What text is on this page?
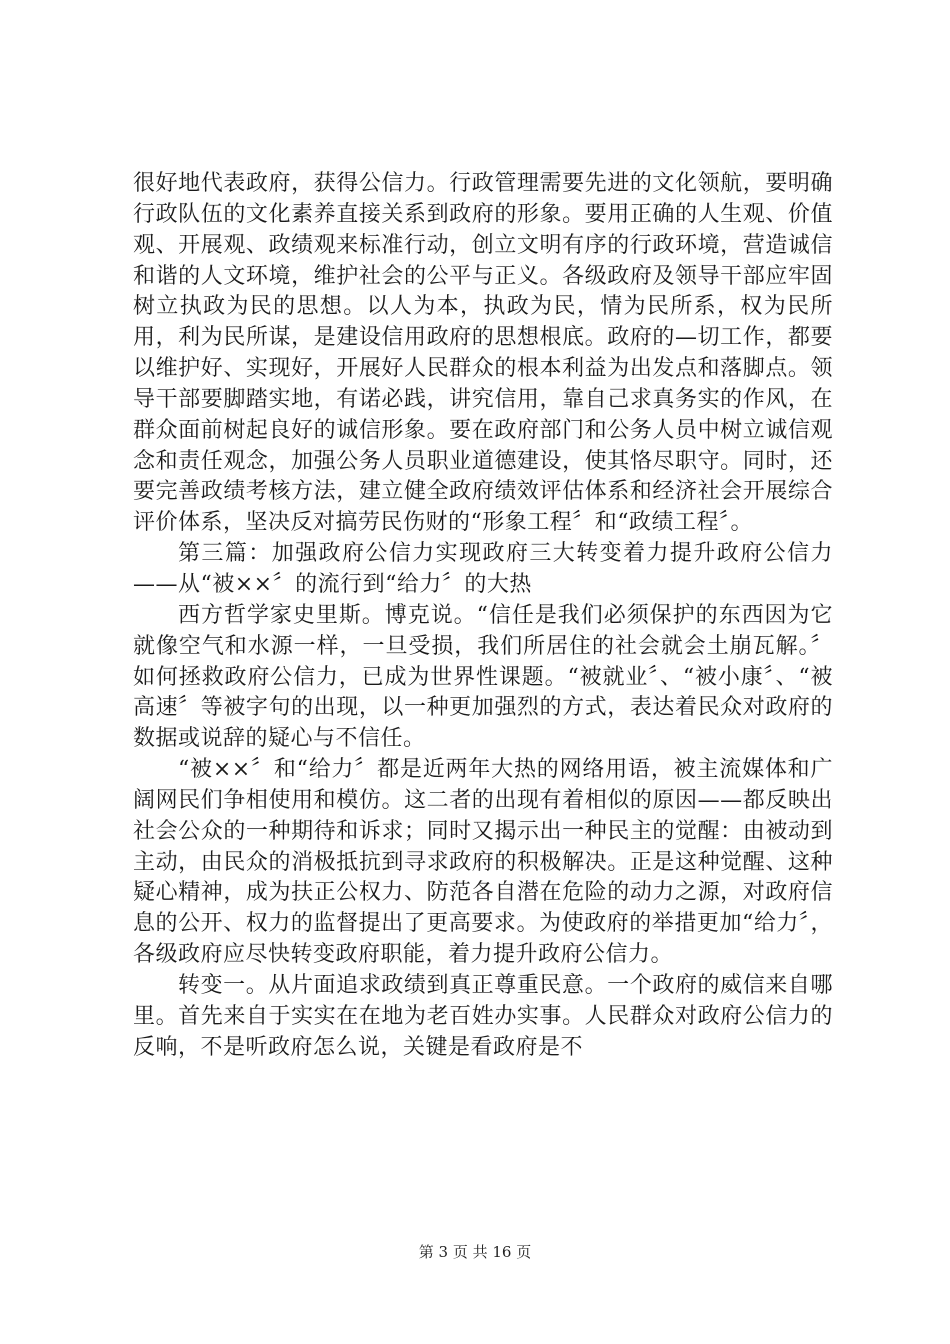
很好地代表政府，获得公信力。行政管理需要先进的文化领航，要明确行政队伍的文化素养直接关系到政府的形象。要用正确的人生观、价值观、开展观、政绩观来标准行动，创立文明有序的行政环境，营造诚信和谐的人文环境，维护社会的公平与正义。各级政府及领导干部应牢固树立执政为民的思想。以人为本，执政为民，情为民所系，权为民所用，利为民所谋，是建设信用政府的思想根底。政府的—切工作，都要以维护好、实现好，开展好人民群众的根本利益为出发点和落脚点。领导干部要脚踏实地，有诺必践，讲究信用，靠自己求真务实的作风，在群众面前树起良好的诚信形象。要在政府部门和公务人员中树立诚信观念和责任观念，加强公务人员职业道德建设，使其恪尽职守。同时，还要完善政绩考核方法，建立健全政府绩效评估体系和经济社会开展综合评价体系，坚决反对搞劳民伤财的“形象工程〞和“政绩工程〞。

第三篇：加强政府公信力实现政府三大转变着力提升政府公信力——从“被××〞的流行到“给力〞的大热

西方哲学家史里斯。博克说。“信任是我们必须保护的东西因为它就像空气和水源一样，一旦受损，我们所居住的社会就会土崩瓦解。〞如何拯救政府公信力，已成为世界性课题。“被就业〞、“被小康〞、“被高速〞等被字句的出现，以一种更加强烈的方式，表达着民众对政府的数据或说辞的疑心与不信任。

“被××〞和“给力〞都是近两年大热的网络用语，被主流媒体和广阔网民们争相使用和模仿。这二者的出现有着相似的原因——都反映出社会公众的一种期待和诉求；同时又揭示出一种民主的觉醒：由被动到主动，由民众的消极抵抗到寻求政府的积极解决。正是这种觉醒、这种疑心精神，成为扶正公权力、防范各自潜在危险的动力之源，对政府信息的公开、权力的监督提出了更高要求。为使政府的举措更加“给力〞，各级政府应尽快转变政府职能，着力提升政府公信力。

转变一。从片面追求政绩到真正尊重民意。一个政府的威信来自哪里。首先来自于实实在在地为老百姓办实事。人民群众对政府公信力的反响，不是听政府怎么说，关键是看政府是不

第 3 页 共 16 页
